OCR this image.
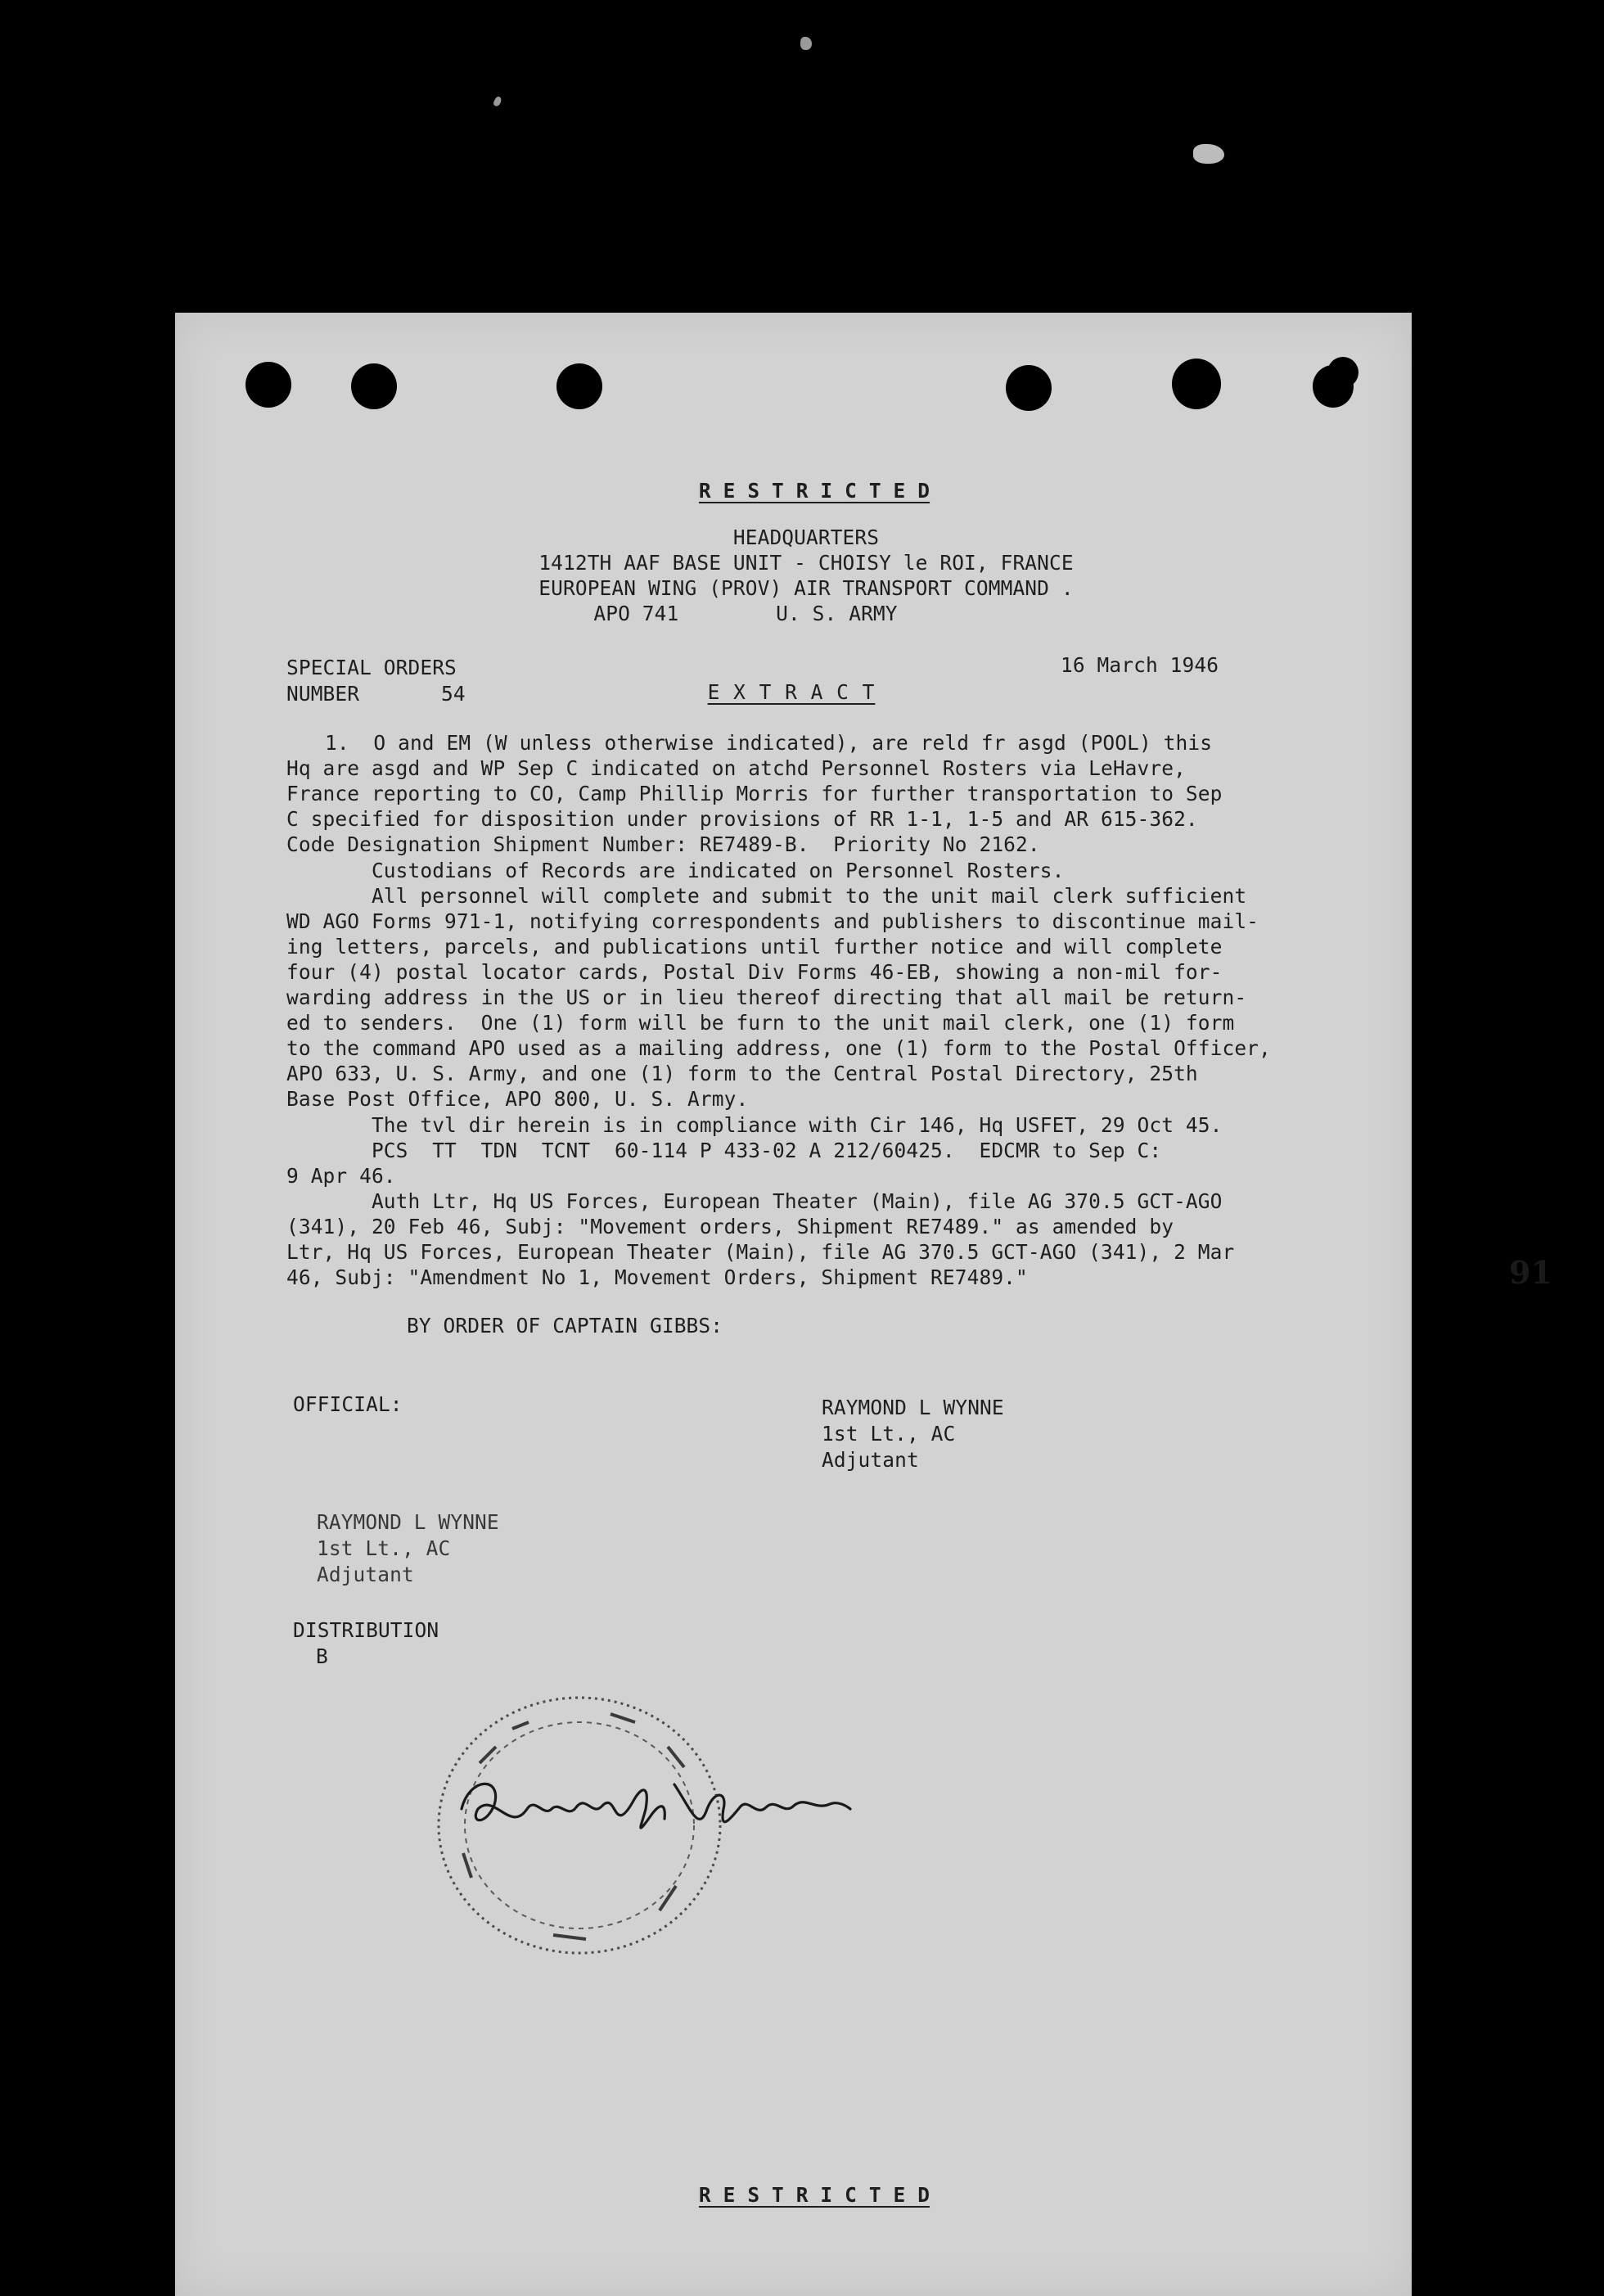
R E S T R I C T E D
HEADQUARTERS
1412TH AAF BASE UNIT - CHOISY le ROI, FRANCE
EUROPEAN WING (PROV) AIR TRANSPORT COMMAND .
APO 741        U. S. ARMY
SPECIAL ORDERS
NUMBER	54
16 March 1946
E X T R A C T
1.  O and EM (W unless otherwise indicated), are reld fr asgd (POOL) this
Hq are asgd and WP Sep C indicated on atchd Personnel Rosters via LeHavre,
France reporting to CO, Camp Phillip Morris for further transportation to Sep
C specified for disposition under provisions of RR 1-1, 1-5 and AR 615-362.
Code Designation Shipment Number: RE7489-B.  Priority No 2162.
Custodians of Records are indicated on Personnel Rosters.
All personnel will complete and submit to the unit mail clerk sufficient
WD AGO Forms 971-1, notifying correspondents and publishers to discontinue mail-
ing letters, parcels, and publications until further notice and will complete
four (4) postal locator cards, Postal Div Forms 46-EB, showing a non-mil for-
warding address in the US or in lieu thereof directing that all mail be return-
ed to senders.  One (1) form will be furn to the unit mail clerk, one (1) form
to the command APO used as a mailing address, one (1) form to the Postal Officer,
APO 633, U. S. Army, and one (1) form to the Central Postal Directory, 25th
Base Post Office, APO 800, U. S. Army.
The tvl dir herein is in compliance with Cir 146, Hq USFET, 29 Oct 45.
PCS  TT  TDN  TCNT  60-114 P 433-02 A 212/60425.  EDCMR to Sep C:
9 Apr 46.
Auth Ltr, Hq US Forces, European Theater (Main), file AG 370.5 GCT-AGO
(341), 20 Feb 46, Subj: "Movement orders, Shipment RE7489." as amended by
Ltr, Hq US Forces, European Theater (Main), file AG 370.5 GCT-AGO (341), 2 Mar
46, Subj: "Amendment No 1, Movement Orders, Shipment RE7489."	91
BY ORDER OF CAPTAIN GIBBS:
OFFICIAL:
RAYMOND L WYNNE
1st Lt., AC
Adjutant
RAYMOND L WYNNE
1st Lt., AC
Adjutant
DISTRIBUTION
B
R E S T R I C T E D
